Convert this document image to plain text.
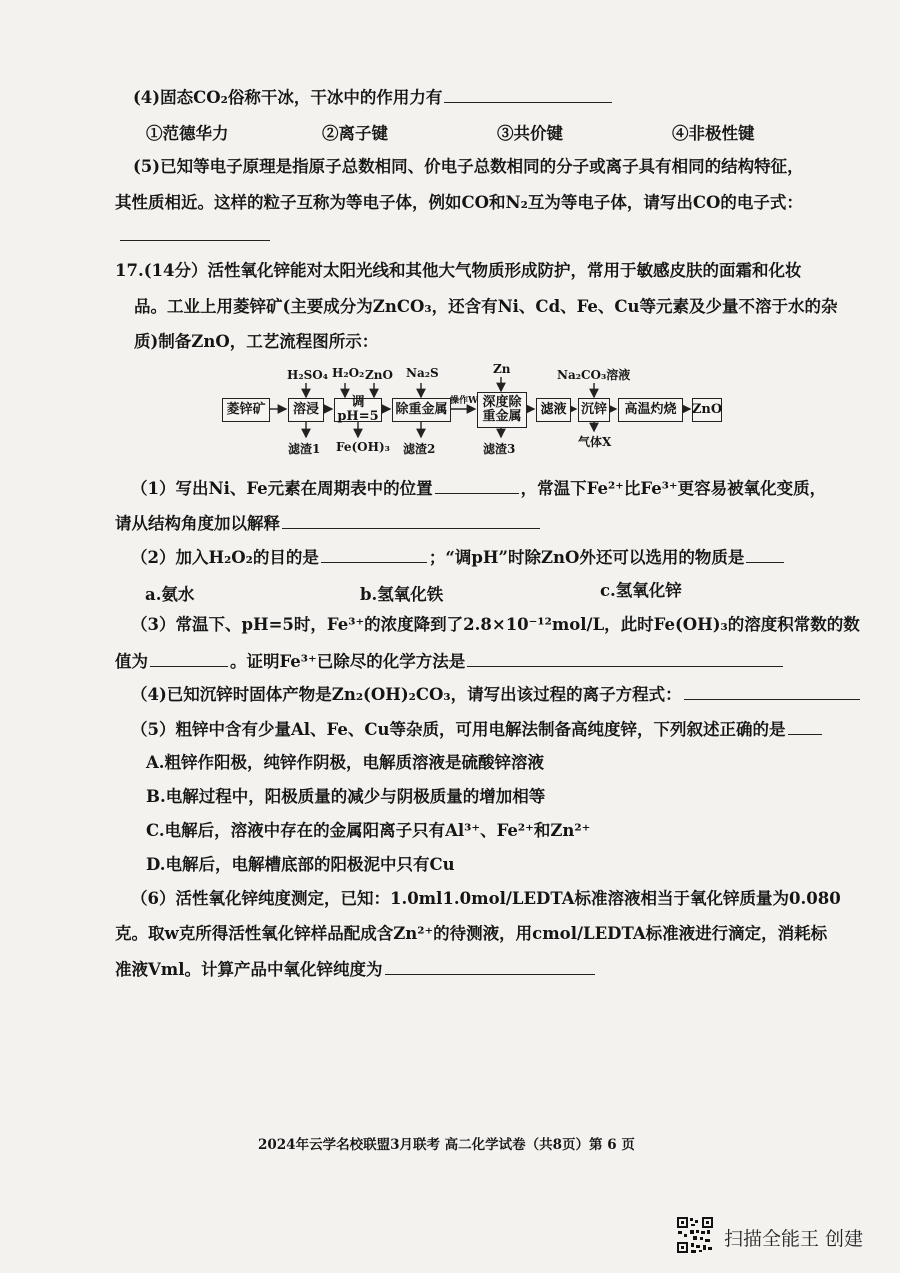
(4)固态CO₂俗称干冰，干冰中的作用力有
①范德华力	②离子键	③共价键	④非极性键
(5)已知等电子原理是指原子总数相同、价电子总数相同的分子或离子具有相同的结构特征，
其性质相近。这样的粒子互称为等电子体，例如CO和N₂互为等电子体，请写出CO的电子式：
17.(14分）活性氧化锌能对太阳光线和其他大气物质形成防护，常用于敏感皮肤的面霜和化妆
品。工业上用菱锌矿(主要成分为ZnCO₃，还含有Ni、Cd、Fe、Cu等元素及少量不溶于水的杂
质)制备ZnO，工艺流程图所示：
菱锌矿	溶浸	调pH=5 除重金属	深度除重金属	滤液	沉锌	高温灼烧	ZnO
H₂SO₄ H₂O₂ ZnO Na₂S	Zn	Na₂CO₃溶液
操作W
滤渣1 Fe(OH)₃ 滤渣2	滤渣3	气体X
（1）写出Ni、Fe元素在周期表中的位置	，常温下Fe²⁺比Fe³⁺更容易被氧化变质，
请从结构角度加以解释
（2）加入H₂O₂的目的是	；“调pH”时除ZnO外还可以选用的物质是
a.氨水	b.氢氧化铁	c.氢氧化锌
（3）常温下、pH=5时，Fe³⁺的浓度降到了2.8×10⁻¹²mol/L，此时Fe(OH)₃的溶度积常数的数
值为	。证明Fe³⁺已除尽的化学方法是
（4)已知沉锌时固体产物是Zn₂(OH)₂CO₃，请写出该过程的离子方程式：
（5）粗锌中含有少量Al、Fe、Cu等杂质，可用电解法制备高纯度锌，下列叙述正确的是
A.粗锌作阳极，纯锌作阴极，电解质溶液是硫酸锌溶液
B.电解过程中，阳极质量的减少与阴极质量的增加相等
C.电解后，溶液中存在的金属阳离子只有Al³⁺、Fe²⁺和Zn²⁺
D.电解后，电解槽底部的阳极泥中只有Cu
（6）活性氧化锌纯度测定，已知：1.0ml1.0mol/LEDTA标准溶液相当于氧化锌质量为0.080
克。取w克所得活性氧化锌样品配成含Zn²⁺的待测液，用cmol/LEDTA标准液进行滴定，消耗标
准液Vml。计算产品中氧化锌纯度为
2024年云学名校联盟3月联考 高二化学试卷（共8页）第 6 页
扫描全能王 创建
